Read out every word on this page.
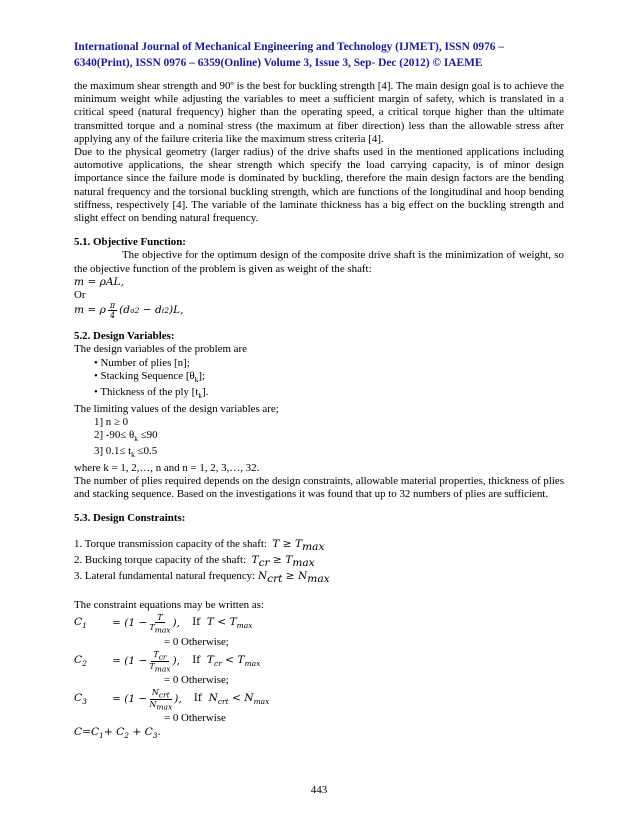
International Journal of Mechanical Engineering and Technology (IJMET), ISSN 0976 –
6340(Print), ISSN 0976 – 6359(Online) Volume 3, Issue 3, Sep- Dec (2012) © IAEME

the maximum shear strength and 90º is the best for buckling strength [4]. The main design goal is to achieve the minimum weight while adjusting the variables to meet a sufficient margin of safety, which is translated in a critical speed (natural frequency) higher than the operating speed, a critical torque higher than the ultimate transmitted torque and a nominal stress (the maximum at fiber direction) less than the allowable stress after applying any of the failure criteria like the maximum stress criteria [4].

Due to the physical geometry (larger radius) of the drive shafts used in the mentioned applications including automotive applications, the shear strength which specify the load carrying capacity, is of minor design importance since the failure mode is dominated by buckling, therefore the main design factors are the bending natural frequency and the torsional buckling strength, which are functions of the longitudinal and hoop bending stiffness, respectively [4]. The variable of the laminate thickness has a big effect on the buckling strength and slight effect on bending natural frequency.

5.1. Objective Function:

The objective for the optimum design of the composite drive shaft is the minimization of weight, so the objective function of the problem is given as weight of the shaft:

m = ρAL,

Or

m = ρ $\frac{\pi}{4} (d$ o 2 − d i 2 )L,

5.2. Design Variables:

The design variables of the problem are

• Number of plies [n];

• Stacking Sequence $[\theta_k]$;

• Thickness of the ply $[t_k]$.

The limiting values of the design variables are;

1] n ≥ 0

2] $-90\le \theta_k \le 90$

3] $0.1\le t_k \le 0.5$

where k = 1, 2,…, n and n = 1, 2, 3,…, 32.

The number of plies required depends on the design constraints, allowable material properties, thickness of plies and stacking sequence. Based on the investigations it was found that up to 32 numbers of plies are sufficient.

5.3. Design Constraints:

1. Torque transmission capacity of the shaft: $T \ge T_{max}$

2. Bucking torque capacity of the shaft: $T_{cr} \ge T_{max}$

3. Lateral fundamental natural frequency: $N_{crt} \ge N_{max}$

The constraint equations may be written as:

$C_1$	= ($1 - \frac{T}{T_{max}}$ ), If $T < T_{max}$

= 0 Otherwise;

$C_2$	= ($1 - \frac{T_{cr}}{T_{max}}$ ), If $T_{cr} < T_{max}$

= 0 Otherwise;

$C_3$	= ($1 - \frac{N_{crt}}{N_{max}}$ ), If $N_{crt} < N_{max}$

= 0 Otherwise

$C=C_1+ C_2 + C_3$.

443
